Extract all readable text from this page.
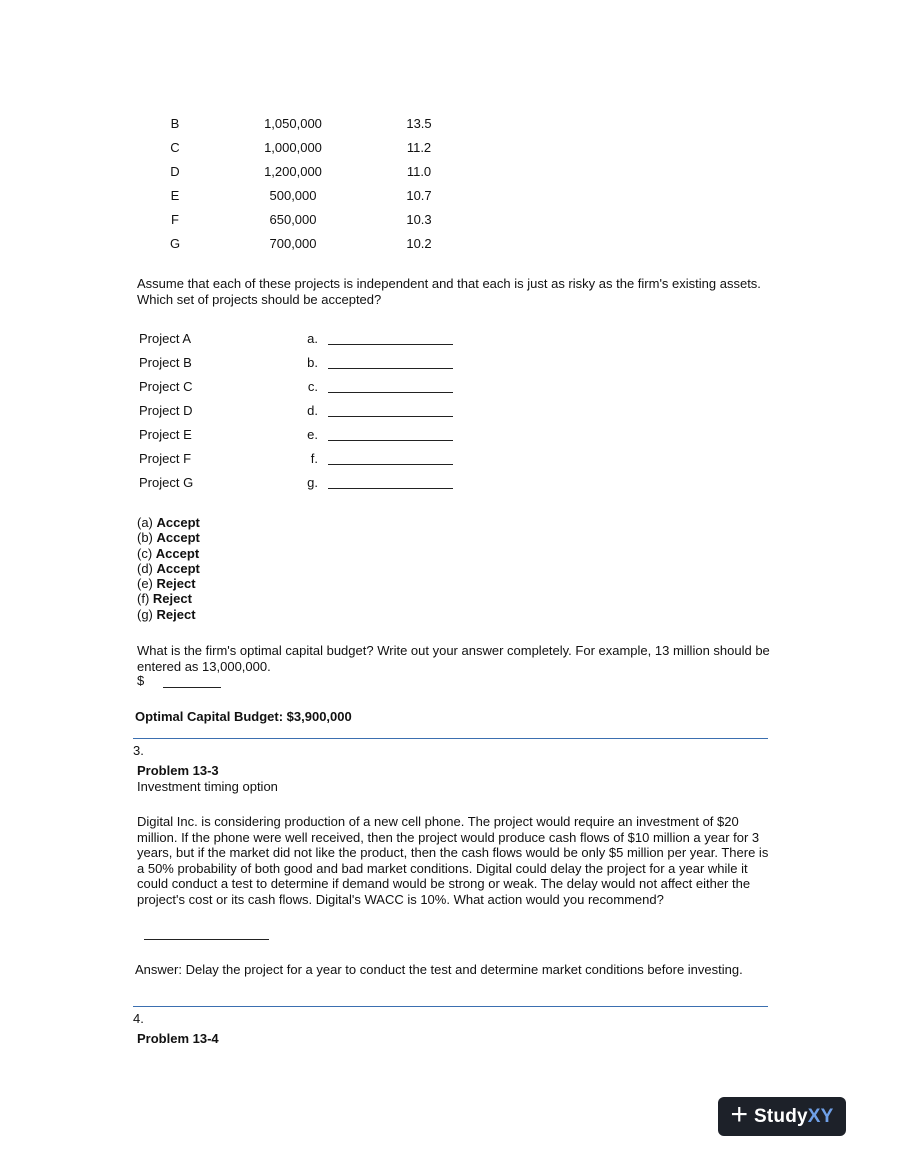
B	1,050,000	13.5
C	1,000,000	11.2
D	1,200,000	11.0
E	500,000	10.7
F	650,000	10.3
G	700,000	10.2
Assume that each of these projects is independent and that each is just as risky as the firm's existing assets. Which set of projects should be accepted?
Project A	a.
Project B	b.
Project C	c.
Project D	d.
Project E	e.
Project F	f.
Project G	g.
(a) Accept
(b) Accept
(c) Accept
(d) Accept
(e) Reject
(f) Reject
(g) Reject
What is the firm's optimal capital budget? Write out your answer completely. For example, 13 million should be entered as 13,000,000.
$
Optimal Capital Budget: $3,900,000
3.
Problem 13-3
Investment timing option
Digital Inc. is considering production of a new cell phone. The project would require an investment of $20 million. If the phone were well received, then the project would produce cash flows of $10 million a year for 3 years, but if the market did not like the product, then the cash flows would be only $5 million per year. There is a 50% probability of both good and bad market conditions. Digital could delay the project for a year while it could conduct a test to determine if demand would be strong or weak. The delay would not affect either the project's cost or its cash flows. Digital's WACC is 10%. What action would you recommend?
Answer: Delay the project for a year to conduct the test and determine market conditions before investing.
4.
Problem 13-4
+ StudyXY
